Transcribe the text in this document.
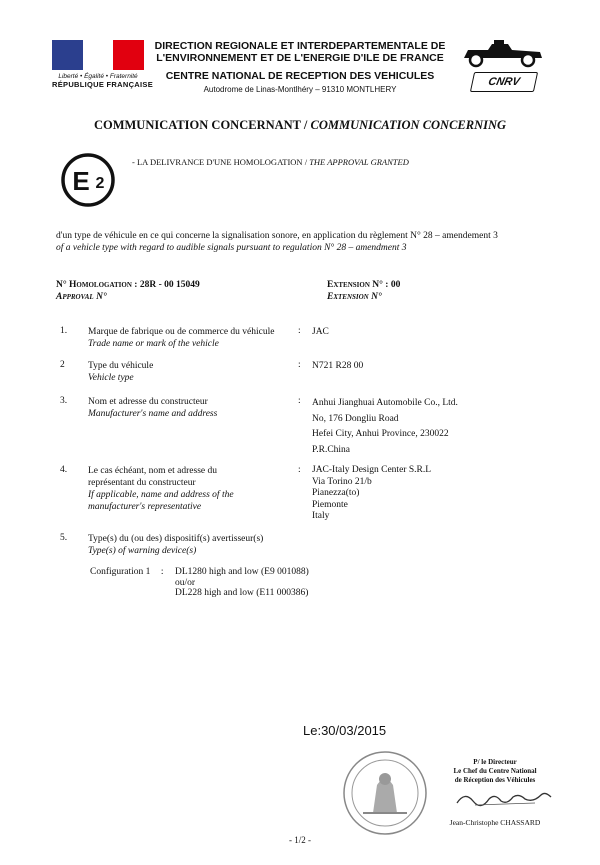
Liberté • Égalité • Fraternité
RÉPUBLIQUE FRANÇAISE
DIRECTION REGIONALE ET INTERDEPARTEMENTALE DE L'ENVIRONNEMENT ET DE L'ENERGIE D'ILE DE FRANCE
CENTRE NATIONAL DE RECEPTION DES VEHICULES
Autodrome de Linas-Montlhéry – 91310 MONTLHERY
CNRV
COMMUNICATION CONCERNANT / COMMUNICATION CONCERNING
E 2
- LA DELIVRANCE D'UNE HOMOLOGATION / THE APPROVAL GRANTED
d'un type de véhicule en ce qui concerne la signalisation sonore, en application du règlement N° 28 – amendement 3
of a vehicle type with regard to audible signals pursuant to regulation N° 28 – amendment 3
N° Homologation : 28R - 00 15049
Approval N°
Extension N° : 00
Extension N°
1. Marque de fabrique ou de commerce du véhicule
Trade name or mark of the vehicle
: JAC
2 Type du véhicule
Vehicle type
: N721 R28 00
3. Nom et adresse du constructeur
Manufacturer's name and address
: Anhui Jianghuai Automobile Co., Ltd.
No, 176 Dongliu Road
Hefei City, Anhui Province, 230022
P.R.China
4. Le cas échéant, nom et adresse du
représentant du constructeur
If applicable, name and address of the
manufacturer's representative
: JAC-Italy Design Center S.R.L
Via Torino 21/b
Pianezza(to)
Piemonte
Italy
5. Type(s) du (ou des) dispositif(s) avertisseur(s)
Type(s) of warning device(s)
Configuration 1 : DL1280 high and low (E9 001088)
ou/or
DL228 high and low (E11 000386)
Le:30/03/2015
P/ le Directeur
Le Chef du Centre National
de Réception des Véhicules
Jean-Christophe CHASSARD
- 1/2 -
